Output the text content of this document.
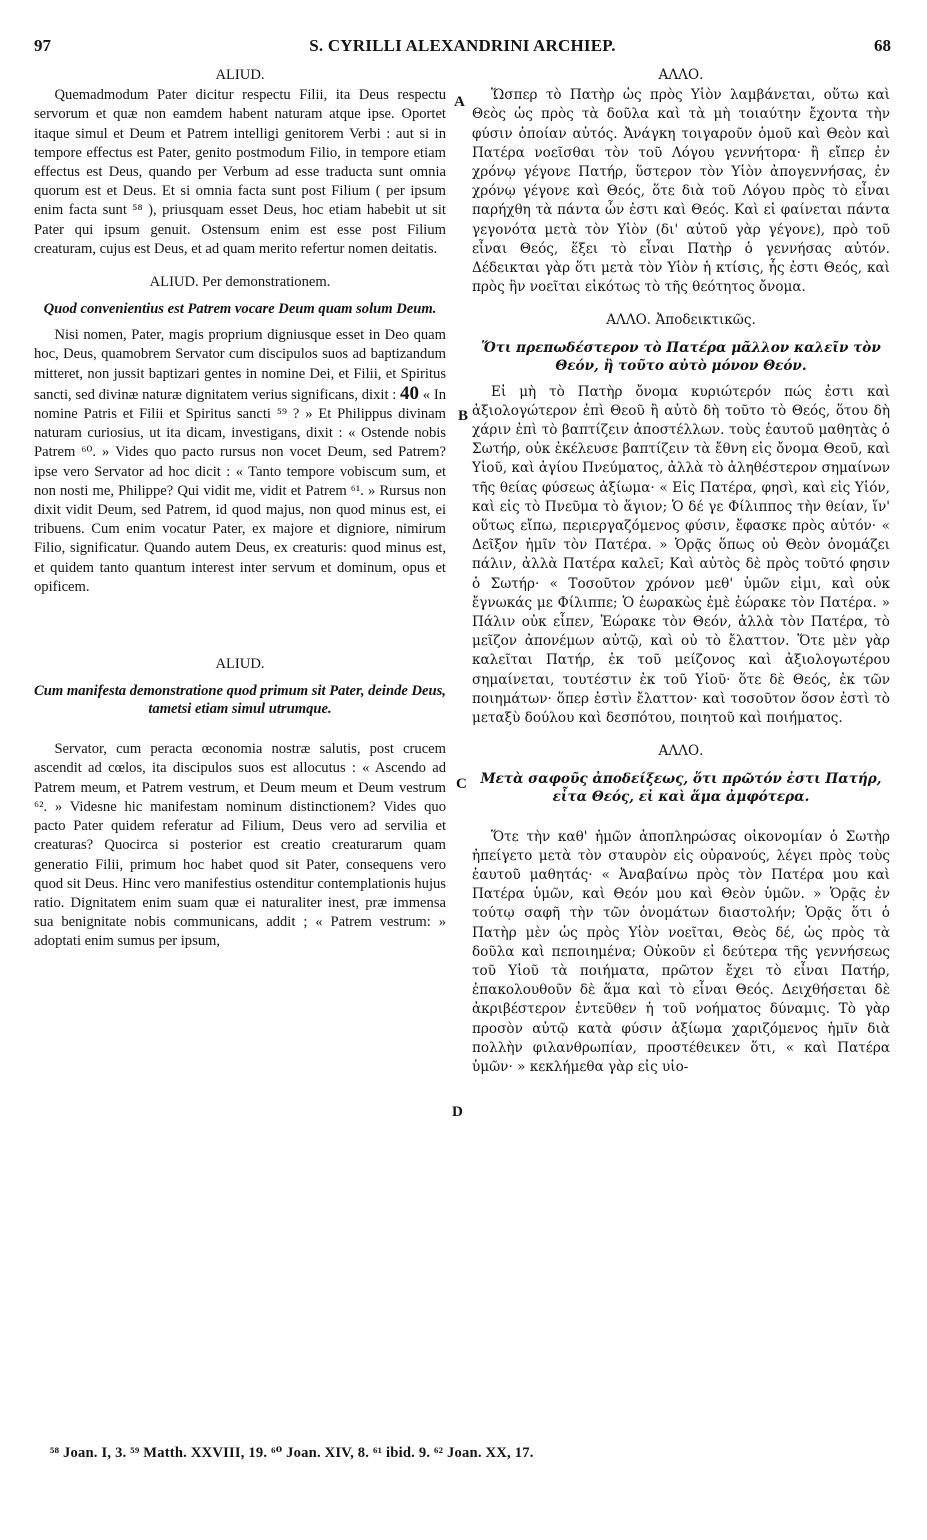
97	S. CYRILLI ALEXANDRINI ARCHIEP.	68

ALIUD.

Quemadmodum Pater dicitur respectu Filii, ita Deus respectu servorum et quæ non eamdem habent naturam atque ipse. Oportet itaque simul et Deum et Patrem intelligi genitorem Verbi : aut si in tempore effectus est Pater, genito postmodum Filio, in tempore etiam effectus est Deus, quando per Verbum ad esse traducta sunt omnia quorum est et Deus. Et si omnia facta sunt post Filium ( per ipsum enim facta sunt ⁵⁸ ), priusquam esset Deus, hoc etiam habebit ut sit Pater qui ipsum genuit. Ostensum enim est esse post Filium creaturam, cujus est Deus, et ad quam merito refertur nomen deitatis.

ALIUD. Per demonstrationem.

Quod convenientius est Patrem vocare Deum quam solum Deum.

Nisi nomen, Pater, magis proprium digniusque esset in Deo quam hoc, Deus, quamobrem Servator cum discipulos suos ad baptizandum mitteret, non jussit baptizari gentes in nomine Dei, et Filii, et Spiritus sancti, sed divinæ naturæ dignitatem verius significans, dixit : 40 « In nomine Patris et Filii et Spiritus sancti ⁵⁹ ? » Et Philippus divinam naturam curiosius, ut ita dicam, investigans, dixit : « Ostende nobis Patrem ⁶⁰. » Vides quo pacto rursus non vocet Deum, sed Patrem? ipse vero Servator ad hoc dicit : « Tanto tempore vobiscum sum, et non nosti me, Philippe? Qui vidit me, vidit et Patrem ⁶¹. » Rursus non dixit vidit Deum, sed Patrem, id quod majus, non quod minus est, ei tribuens. Cum enim vocatur Pater, ex majore et digniore, nimirum Filio, significatur. Quando autem Deus, ex creaturis: quod minus est, et quidem tanto quantum interest inter servum et dominum, opus et opificem.

ALIUD.

Cum manifesta demonstratione quod primum sit Pater, deinde Deus, tametsi etiam simul utrumque.

Servator, cum peracta œconomia nostræ salutis, post crucem ascendit ad cœlos, ita discipulos suos est allocutus : « Ascendo ad Patrem meum, et Patrem vestrum, et Deum meum et Deum vestrum ⁶². » Videsne hic manifestam nominum distinctionem? Vides quo pacto Pater quidem referatur ad Filium, Deus vero ad servilia et creaturas? Quocirca si posterior est creatio creaturarum quam generatio Filii, primum hoc habet quod sit Pater, consequens vero quod sit Deus. Hinc vero manifestius ostenditur contemplationis hujus ratio. Dignitatem enim suam quæ ei naturaliter inest, præ immensa sua benignitate nobis communicans, addit ; « Patrem vestrum: » adoptati enim sumus per ipsum,

A
B
C
D

ΑΛΛΟ.

Ὥσπερ τὸ Πατὴρ ὡς πρὸς Υἱὸν λαμβάνεται, οὕτω καὶ Θεὸς ὡς πρὸς τὰ δοῦλα καὶ τὰ μὴ τοιαύτην ἔχοντα τὴν φύσιν ὁποίαν αὐτός. Ἀνάγκη τοιγαροῦν ὁμοῦ καὶ Θεὸν καὶ Πατέρα νοεῖσθαι τὸν τοῦ Λόγου γεννήτορα· ἢ εἴπερ ἐν χρόνῳ γέγονε Πατήρ, ὕστερον τὸν Υἱὸν ἀπογεννήσας, ἐν χρόνῳ γέγονε καὶ Θεός, ὅτε διὰ τοῦ Λόγου πρὸς τὸ εἶναι παρήχθη τὰ πάντα ὧν ἐστι καὶ Θεός. Καὶ εἰ φαίνεται πάντα γεγονότα μετὰ τὸν Υἱὸν (δι' αὐτοῦ γὰρ γέγονε), πρὸ τοῦ εἶναι Θεός, ἕξει τὸ εἶναι Πατὴρ ὁ γεννήσας αὐτόν. Δέδεικται γὰρ ὅτι μετὰ τὸν Υἱὸν ἡ κτίσις, ἧς ἐστι Θεός, καὶ πρὸς ἣν νοεῖται εἰκότως τὸ τῆς θεότητος ὄνομα.

ΑΛΛΟ. Ἀποδεικτικῶς.

Ὅτι πρεπωδέστερον τὸ Πατέρα μᾶλλον καλεῖν τὸν Θεόν, ἢ τοῦτο αὐτὸ μόνον Θεόν.

Εἰ μὴ τὸ Πατὴρ ὄνομα κυριώτερόν πώς ἐστι καὶ ἀξιολογώτερον ἐπὶ Θεοῦ ἢ αὐτὸ δὴ τοῦτο τὸ Θεός, ὅτου δὴ χάριν ἐπὶ τὸ βαπτίζειν ἀποστέλλων. τοὺς ἑαυτοῦ μαθητὰς ὁ Σωτήρ, οὐκ ἐκέλευσε βαπτίζειν τὰ ἔθνη εἰς ὄνομα Θεοῦ, καὶ Υἱοῦ, καὶ ἁγίου Πνεύματος, ἀλλὰ τὸ ἀληθέστερον σημαίνων τῆς θείας φύσεως ἀξίωμα· « Εἰς Πατέρα, φησὶ, καὶ εἰς Υἱόν, καὶ εἰς τὸ Πνεῦμα τὸ ἅγιον; Ὁ δέ γε Φίλιππος τὴν θείαν, ἵν' οὕτως εἴπω, περιεργαζόμενος φύσιν, ἔφασκε πρὸς αὐτόν· « Δεῖξον ἡμῖν τὸν Πατέρα. » Ὁρᾷς ὅπως οὐ Θεὸν ὀνομάζει πάλιν, ἀλλὰ Πατέρα καλεῖ; Καὶ αὐτὸς δὲ πρὸς τοῦτό φησιν ὁ Σωτήρ· « Τοσοῦτον χρόνον μεθ' ὑμῶν εἰμι, καὶ οὐκ ἔγνωκάς με Φίλιππε; Ὁ ἑωρακὼς ἐμὲ ἑώρακε τὸν Πατέρα. » Πάλιν οὐκ εἶπεν, Ἑώρακε τὸν Θεόν, ἀλλὰ τὸν Πατέρα, τὸ μεῖζον ἀπονέμων αὐτῷ, καὶ οὐ τὸ ἔλαττον. Ὅτε μὲν γὰρ καλεῖται Πατήρ, ἐκ τοῦ μείζονος καὶ ἀξιολογωτέρου σημαίνεται, τουτέστιν ἐκ τοῦ Υἱοῦ· ὅτε δὲ Θεός, ἐκ τῶν ποιημάτων· ὅπερ ἐστὶν ἔλαττον· καὶ τοσοῦτον ὅσον ἐστὶ τὸ μεταξὺ δούλου καὶ δεσπότου, ποιητοῦ καὶ ποιήματος.

ΑΛΛΟ.

Μετὰ σαφοῦς ἀποδείξεως, ὅτι πρῶτόν ἐστι Πατήρ, εἶτα Θεός, εἰ καὶ ἅμα ἀμφότερα.

Ὅτε τὴν καθ' ἡμῶν ἀποπληρώσας οἰκονομίαν ὁ Σωτὴρ ἠπείγετο μετὰ τὸν σταυρὸν εἰς οὐρανούς, λέγει πρὸς τοὺς ἑαυτοῦ μαθητάς· « Ἀναβαίνω πρὸς τὸν Πατέρα μου καὶ Πατέρα ὑμῶν, καὶ Θεόν μου καὶ Θεὸν ὑμῶν. » Ὁρᾷς ἐν τούτῳ σαφῆ τὴν τῶν ὀνομάτων διαστολήν; Ὁρᾷς ὅτι ὁ Πατὴρ μὲν ὡς πρὸς Υἱὸν νοεῖται, Θεὸς δέ, ὡς πρὸς τὰ δοῦλα καὶ πεποιημένα; Οὐκοῦν εἰ δεύτερα τῆς γεννήσεως τοῦ Υἱοῦ τὰ ποιήματα, πρῶτον ἔχει τὸ εἶναι Πατήρ, ἐπακολουθοῦν δὲ ἅμα καὶ τὸ εἶναι Θεός. Δειχθήσεται δὲ ἀκριβέστερον ἐντεῦθεν ἡ τοῦ νοήματος δύναμις. Τὸ γὰρ προσὸν αὐτῷ κατὰ φύσιν ἀξίωμα χαριζόμενος ἡμῖν διὰ πολλὴν φιλανθρωπίαν, προστέθεικεν ὅτι, « καὶ Πατέρα ὑμῶν· » κεκλήμεθα γὰρ εἰς υἱο-

⁵⁸ Joan. I, 3. ⁵⁹ Matth. XXVIII, 19. ⁶⁰ Joan. XIV, 8. ⁶¹ ibid. 9. ⁶² Joan. XX, 17.
